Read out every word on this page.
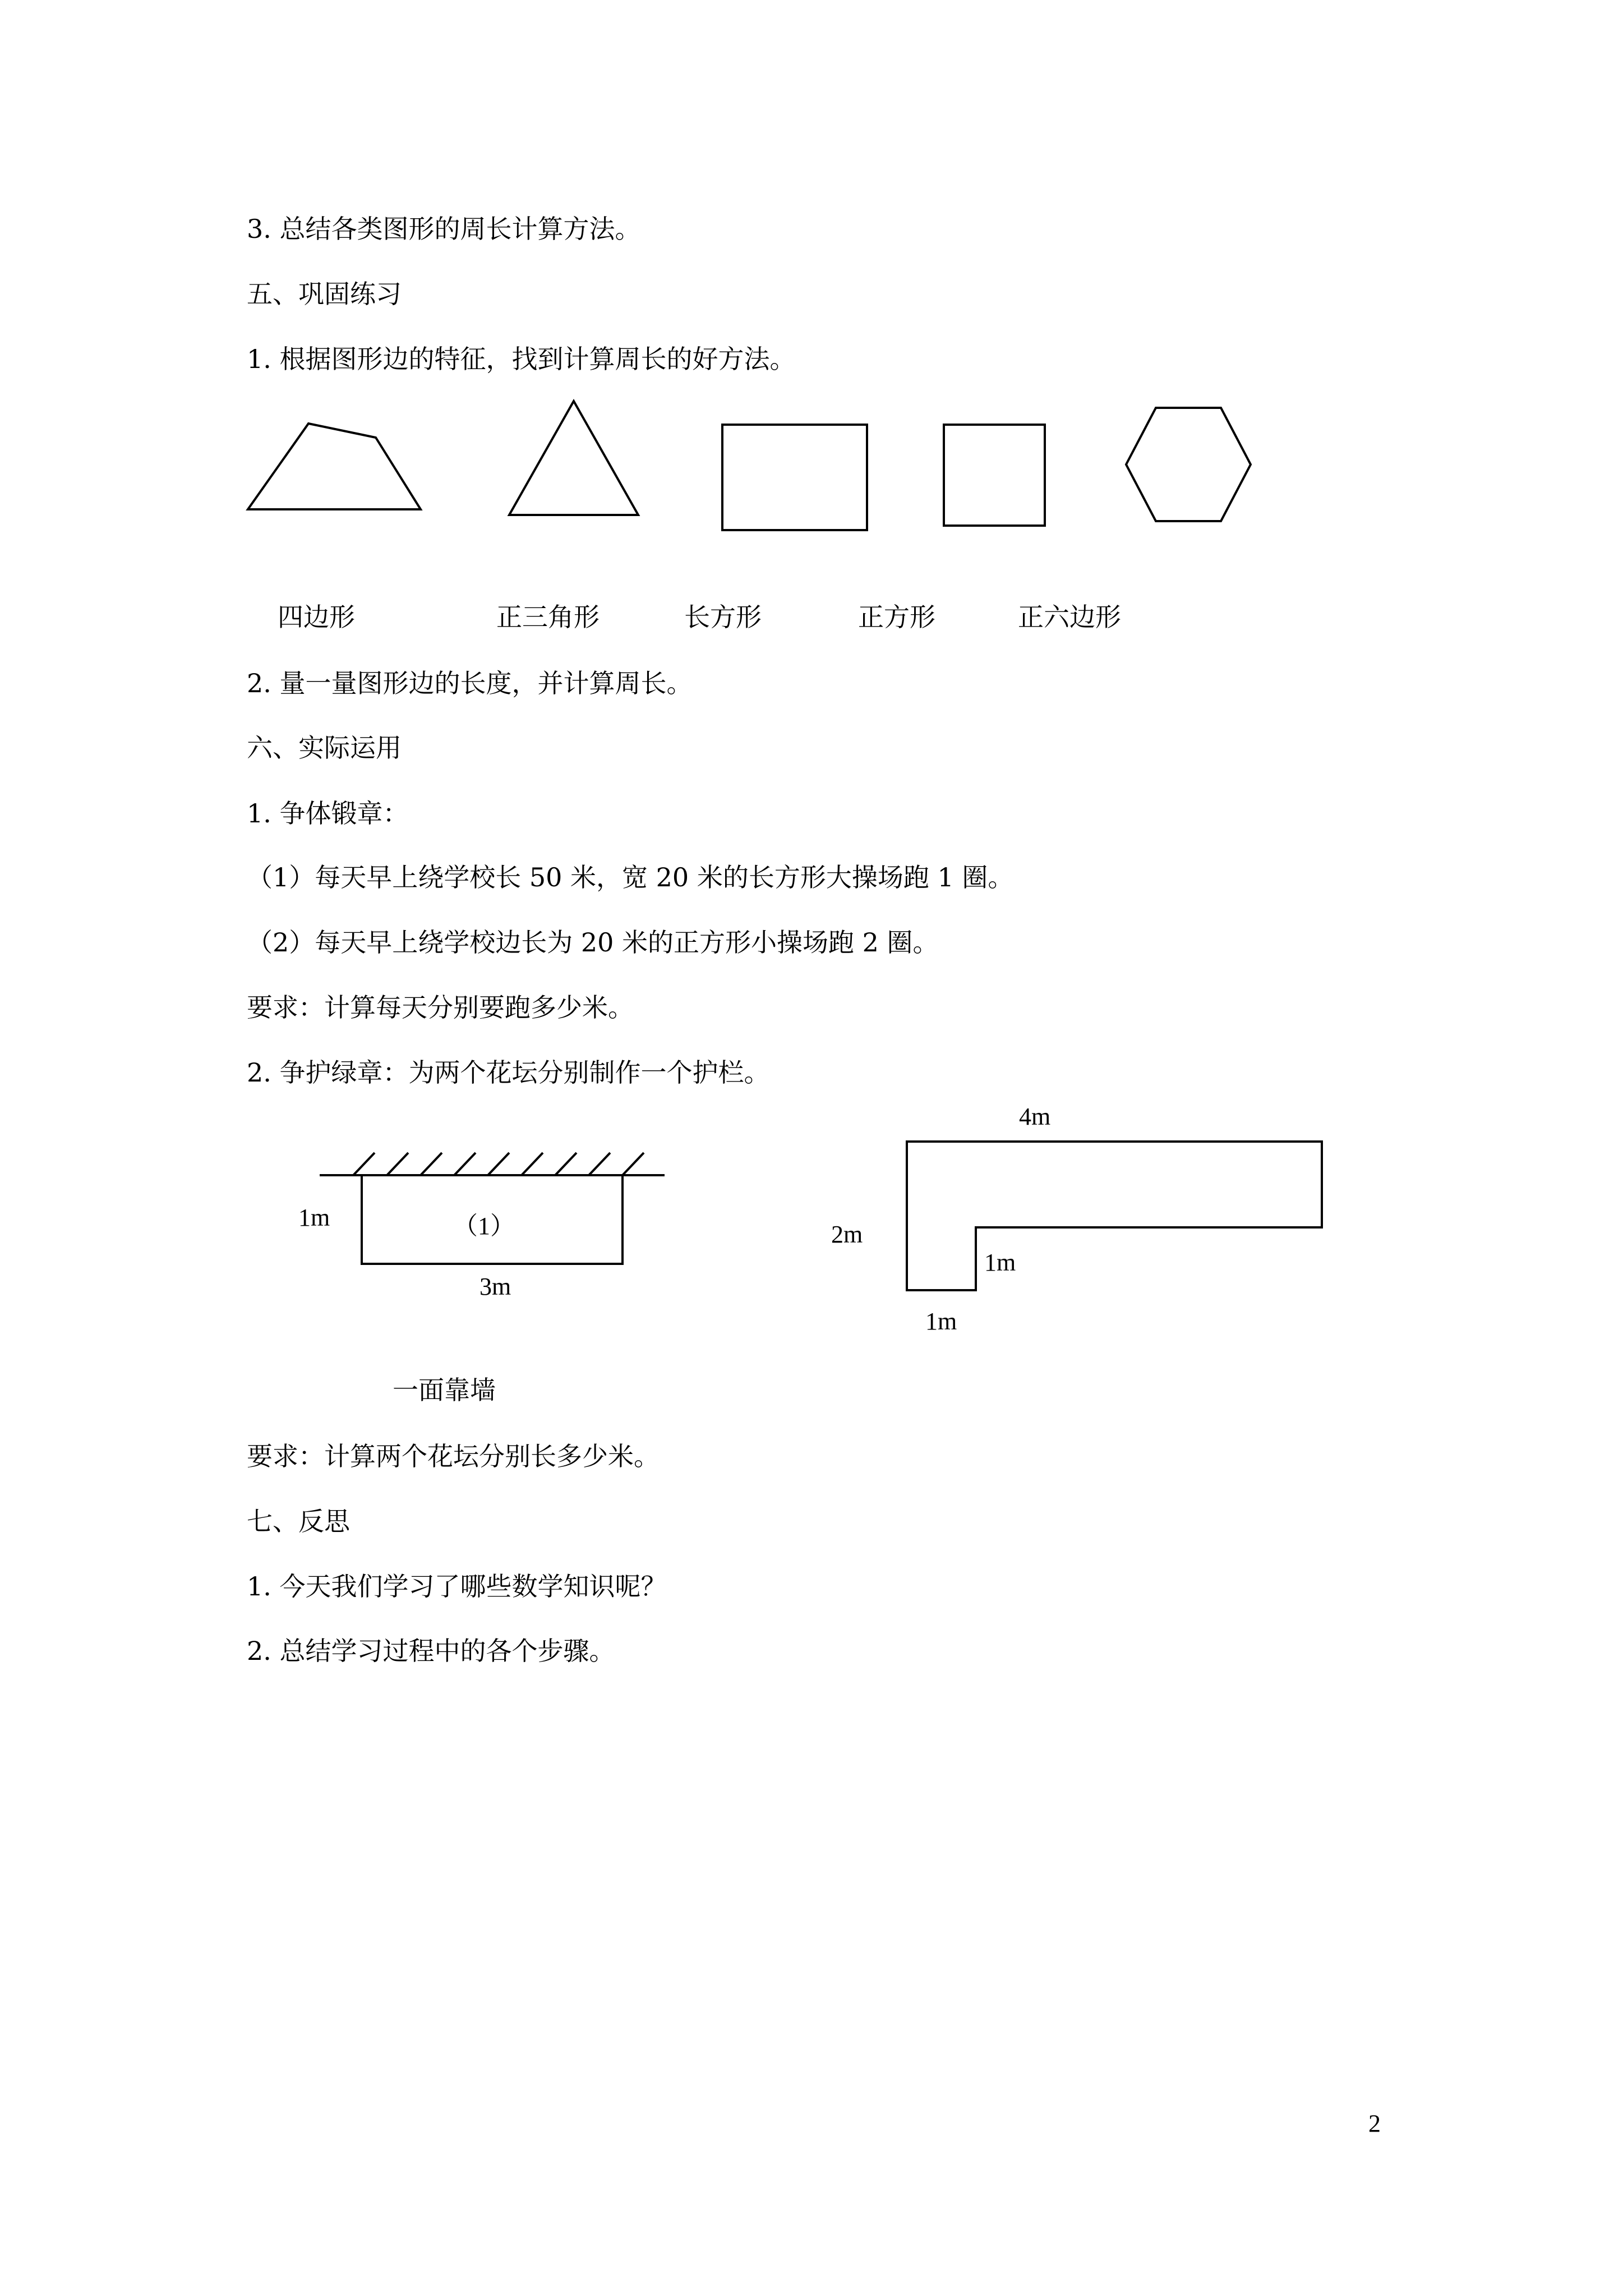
3. 总结各类图形的周长计算方法。
五、巩固练习
1. 根据图形边的特征，找到计算周长的好方法。
四边形	正三角形	长方形	正方形	正六边形
2. 量一量图形边的长度，并计算周长。
六、实际运用
1. 争体锻章：
（1）每天早上绕学校长 50 米，宽 20 米的长方形大操场跑 1 圈。
（2）每天早上绕学校边长为 20 米的正方形小操场跑 2 圈。
要求：计算每天分别要跑多少米。
2. 争护绿章：为两个花坛分别制作一个护栏。
（1）
1m
3m
一面靠墙
4m
2m
1m
1m
要求：计算两个花坛分别长多少米。
七、反思
1. 今天我们学习了哪些数学知识呢？
2. 总结学习过程中的各个步骤。
2
